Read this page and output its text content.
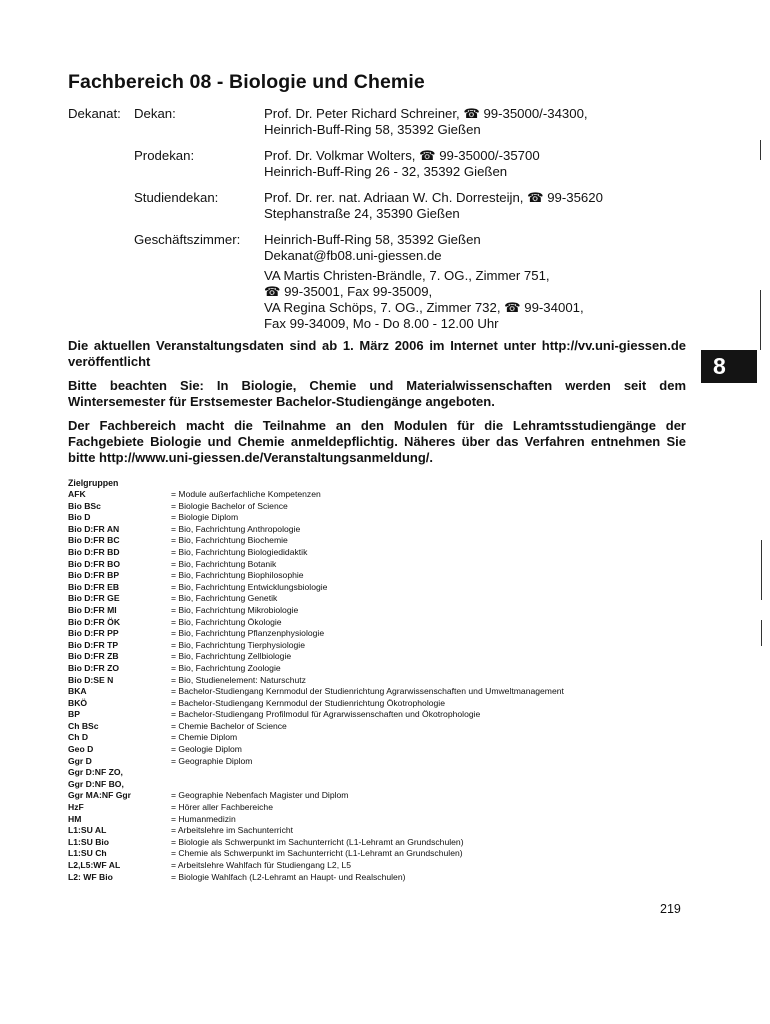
Fachbereich 08 - Biologie und Chemie
Dekanat: Dekan:	Prof. Dr. Peter Richard Schreiner, ☎ 99-35000/-34300,
Heinrich-Buff-Ring 58, 35392 Gießen
Prodekan:	Prof. Dr. Volkmar Wolters, ☎ 99-35000/-35700
Heinrich-Buff-Ring 26 - 32, 35392 Gießen
Studiendekan:	Prof. Dr. rer. nat. Adriaan W. Ch. Dorresteijn, ☎ 99-35620
Stephanstraße 24, 35390 Gießen
Geschäftszimmer: Heinrich-Buff-Ring 58, 35392 Gießen
Dekanat@fb08.uni-giessen.de
VA Martis Christen-Brändle, 7. OG., Zimmer 751,
☎ 99-35001, Fax 99-35009,
VA Regina Schöps, 7. OG., Zimmer 732, ☎ 99-34001,
Fax 99-34009, Mo - Do 8.00 - 12.00 Uhr
Die aktuellen Veranstaltungsdaten sind ab 1. März 2006 im Internet unter http://vv.uni-giessen.de veröffentlicht
Bitte beachten Sie: In Biologie, Chemie und Materialwissenschaften werden seit dem Wintersemester für Erstsemester Bachelor-Studiengänge angeboten.
Der Fachbereich macht die Teilnahme an den Modulen für die Lehramtsstudiengänge der Fachgebiete Biologie und Chemie anmeldepflichtig. Näheres über das Verfahren entnehmen Sie bitte http://www.uni-giessen.de/Veranstaltungsanmeldung/.
Zielgruppen
AFK	= Module außerfachliche Kompetenzen
Bio BSc	= Biologie Bachelor of Science
Bio D	= Biologie Diplom
Bio D:FR AN	= Bio, Fachrichtung Anthropologie
Bio D:FR BC	= Bio, Fachrichtung Biochemie
Bio D:FR BD	= Bio, Fachrichtung Biologiedidaktik
Bio D:FR BO	= Bio, Fachrichtung Botanik
Bio D:FR BP	= Bio, Fachrichtung Biophilosophie
Bio D:FR EB	= Bio, Fachrichtung Entwicklungsbiologie
Bio D:FR GE	= Bio, Fachrichtung Genetik
Bio D:FR MI	= Bio, Fachrichtung Mikrobiologie
Bio D:FR ÖK	= Bio, Fachrichtung Ökologie
Bio D:FR PP	= Bio, Fachrichtung Pflanzenphysiologie
Bio D:FR TP	= Bio, Fachrichtung Tierphysiologie
Bio D:FR ZB	= Bio, Fachrichtung Zellbiologie
Bio D:FR ZO	= Bio, Fachrichtung Zoologie
Bio D:SE N	= Bio, Studienelement: Naturschutz
BKA	= Bachelor-Studiengang Kernmodul der Studienrichtung Agrarwissenschaften und Umweltmanagement
BKÖ	= Bachelor-Studiengang Kernmodul der Studienrichtung Ökotrophologie
BP	= Bachelor-Studiengang Profilmodul für Agrarwissenschaften und Ökotrophologie
Ch BSc	= Chemie Bachelor of Science
Ch D	= Chemie Diplom
Geo D	= Geologie Diplom
Ggr D	= Geographie Diplom
Ggr D:NF ZO,
Ggr D:NF BO,
Ggr MA:NF Ggr	= Geographie Nebenfach Magister und Diplom
HzF	= Hörer aller Fachbereiche
HM	= Humanmedizin
L1:SU AL	= Arbeitslehre im Sachunterricht
L1:SU Bio	= Biologie als Schwerpunkt im Sachunterricht (L1-Lehramt an Grundschulen)
L1:SU Ch	= Chemie als Schwerpunkt im Sachunterricht (L1-Lehramt an Grundschulen)
L2,L5:WF AL	= Arbeitslehre Wahlfach für Studiengang L2, L5
L2: WF Bio	= Biologie Wahlfach (L2-Lehramt an Haupt- und Realschulen)
219
8
